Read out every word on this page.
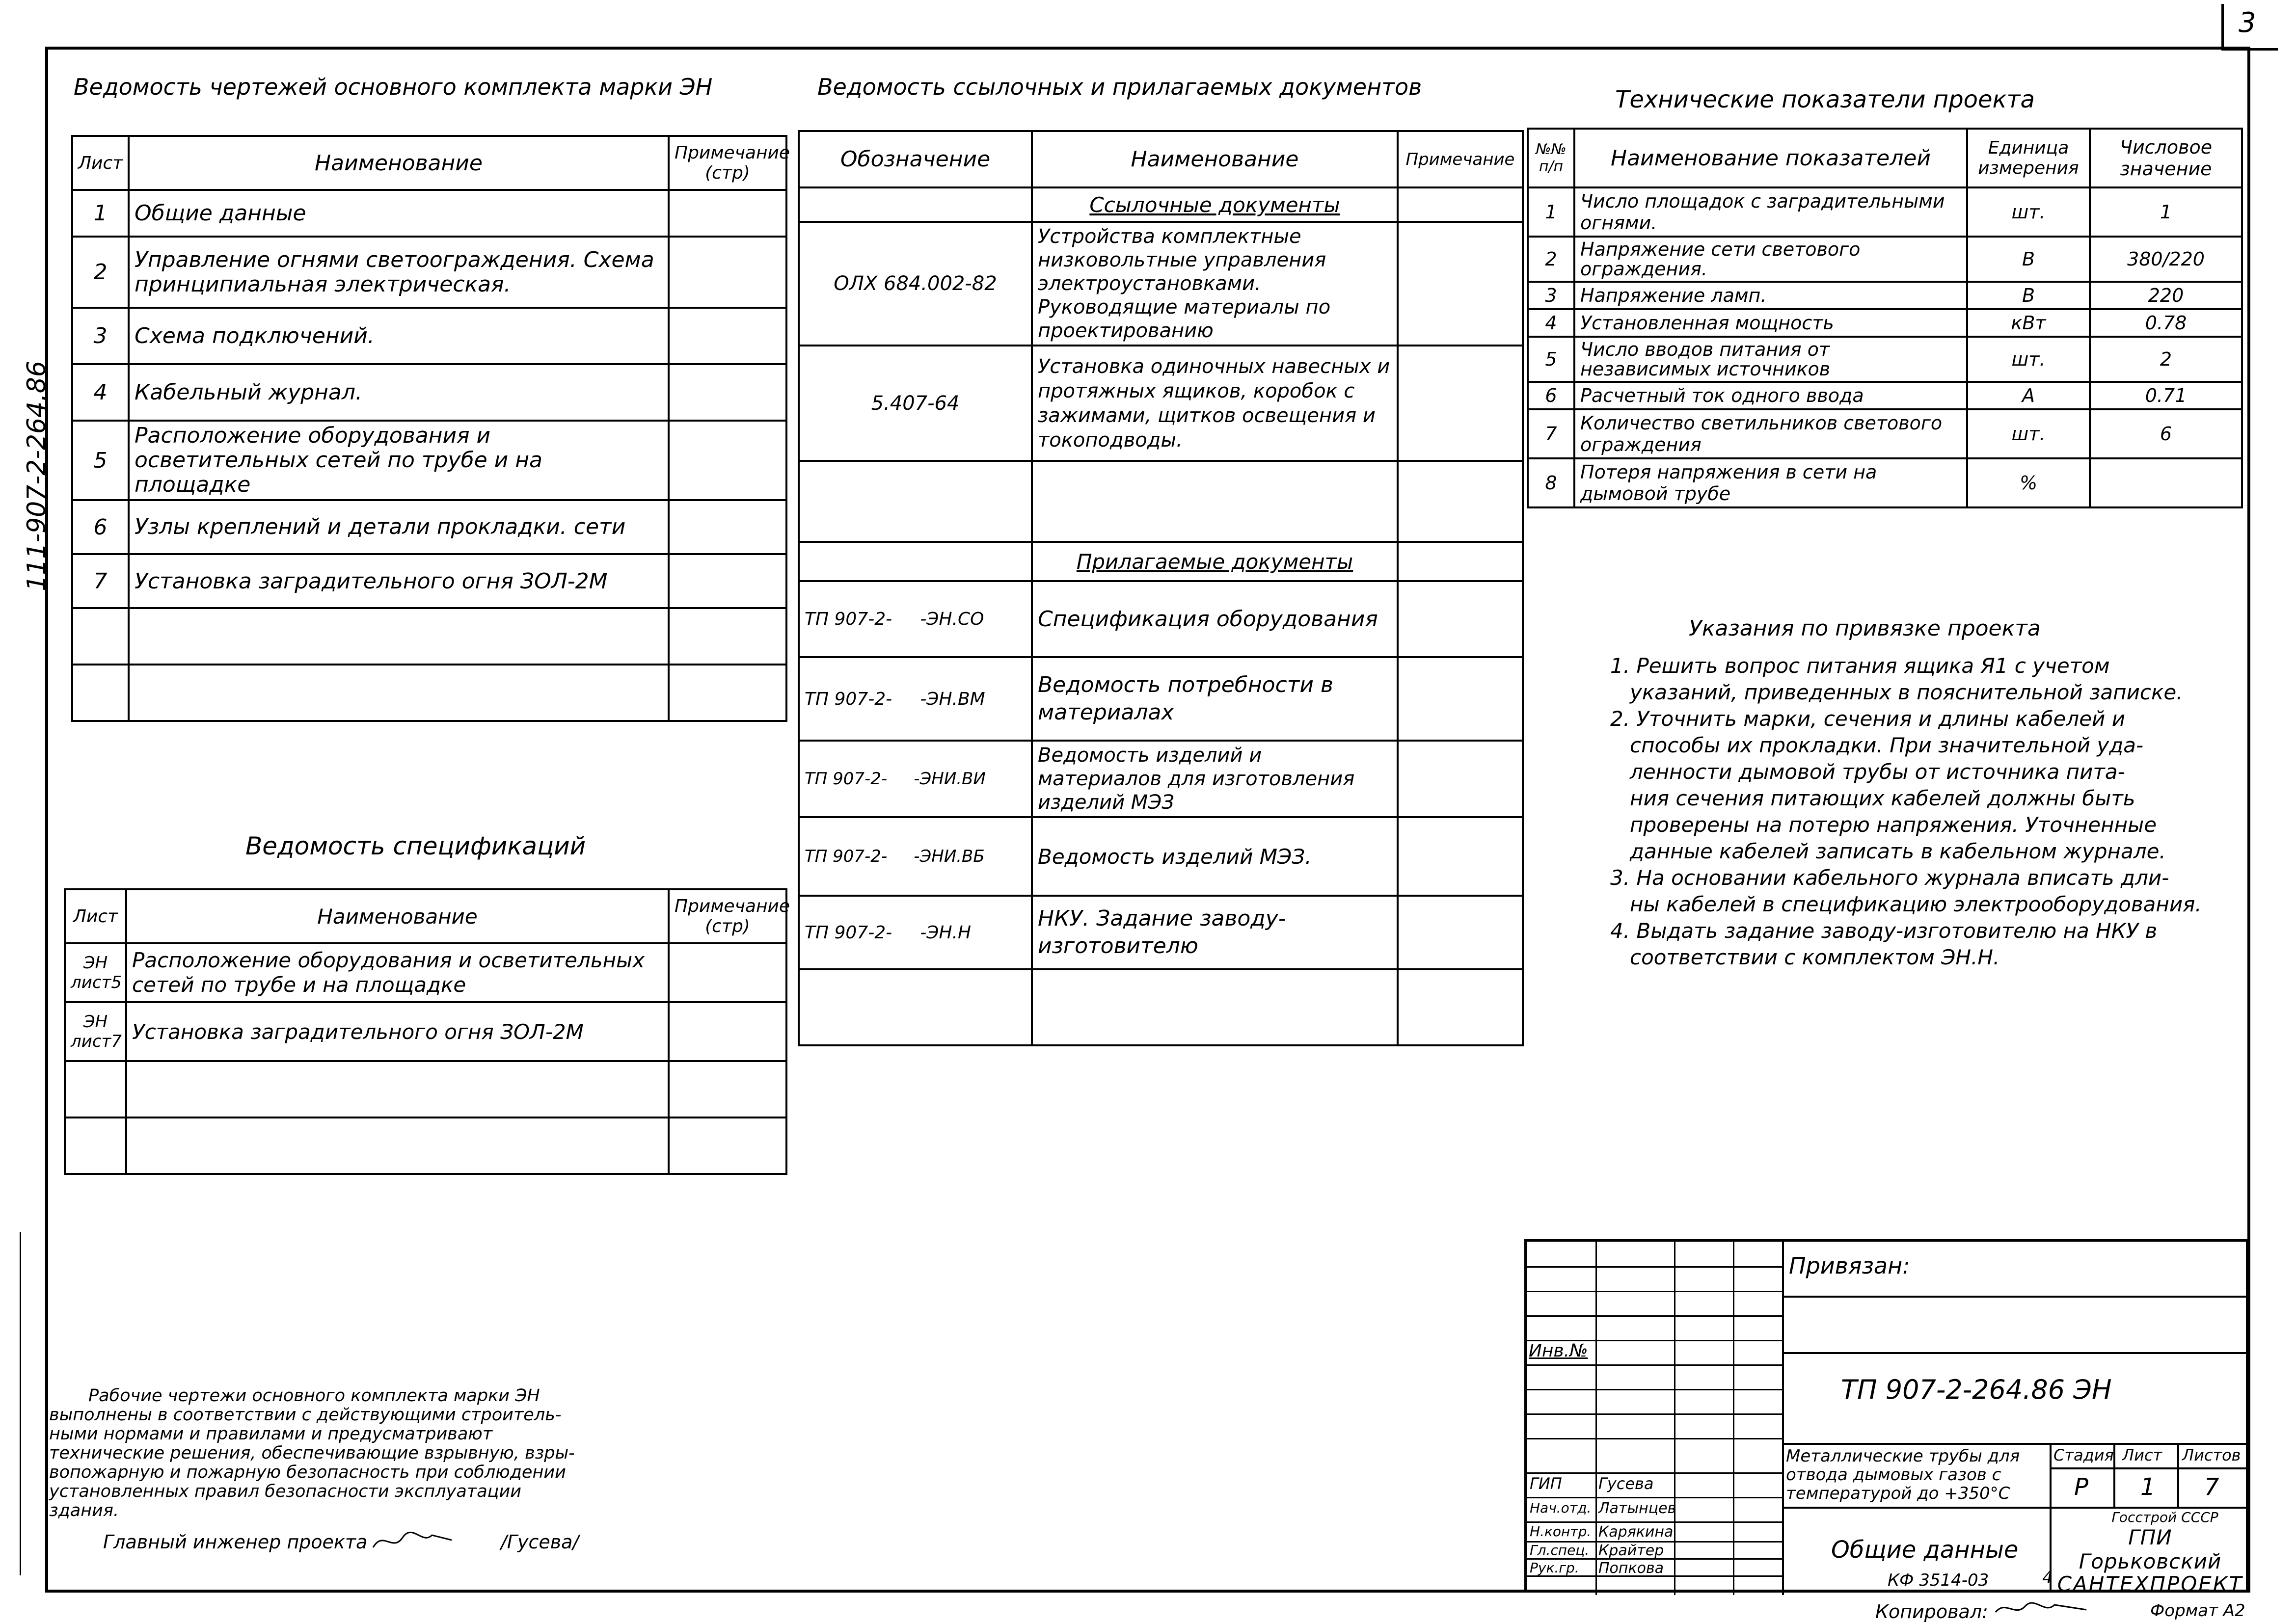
3
111-907-2-264.86
Ведомость чертежей основного комплекта марки ЭН
Лист	Наименование	Примечание (стр)
1	Общие данные	
2	Управление огнями светоограждения. Схема принципиальная электрическая.	
3	Схема подключений.	
4	Кабельный журнал.	
5	Расположение оборудования и осветительных сетей по трубе и на площадке	
6	Узлы креплений и детали прокладки. сети	
7	Установка заградительного огня ЗОЛ-2М	

Ведомость спецификаций
Лист	Наименование	Примечание (стр)
ЭН лист5	Расположение оборудования и осветительных сетей по трубе и на площадке	
ЭН лист7	Установка заградительного огня ЗОЛ-2М	

Ведомость ссылочных и прилагаемых документов
Обозначение	Наименование	Примечание
	Ссылочные документы	
ОЛХ 684.002-82	Устройства комплектные низковольтные управления электроустановками. Руководящие материалы по проектированию	
5.407-64	Установка одиночных навесных и протяжных ящиков, коробок с зажимами, щитков освещения и токоподводы.	

	Прилагаемые документы	
ТП 907-2-     -ЭН.СО	Спецификация оборудования	
ТП 907-2-     -ЭН.ВМ	Ведомость потребности в материалах	
ТП 907-2-     -ЭНИ.ВИ	Ведомость изделий и материалов для изготовления изделий МЭЗ	
ТП 907-2-     -ЭНИ.ВБ	Ведомость изделий МЭЗ.	
ТП 907-2-     -ЭН.Н	НКУ. Задание заводу-изготовителю	

Технические показатели проекта
№№ п/п	Наименование показателей	Единица измерения	Числовое значение
1	Число площадок с заградительными огнями.	шт.	1
2	Напряжение сети светового ограждения.	В	380/220
3	Напряжение ламп.	В	220
4	Установленная мощность	кВт	0.78
5	Число вводов питания от независимых источников	шт.	2
6	Расчетный ток одного ввода	А	0.71
7	Количество светильников светового ограждения	шт.	6
8	Потеря напряжения в сети на дымовой трубе	%	
Указания по привязке проекта
1. Решить вопрос питания ящика Я1 с учетом
указаний, приведенных в пояснительной записке.
2. Уточнить марки, сечения и длины кабелей и
способы их прокладки. При значительной уда-
ленности дымовой трубы от источника пита-
ния сечения питающих кабелей должны быть
проверены на потерю напряжения. Уточненные
данные кабелей записать в кабельном журнале.
3. На основании кабельного журнала вписать дли-
ны кабелей в спецификацию электрооборудования.
4. Выдать задание заводу-изготовителю на НКУ в
соответствии с комплектом ЭН.Н.
Рабочие чертежи основного комплекта марки ЭН
выполнены в соответствии с действующими строитель-
ными нормами и правилами и предусматривают
технические решения, обеспечивающие взрывную, взры-
вопожарную и пожарную безопасность при соблюдении
установленных правил безопасности эксплуатации
здания.
Главный инженер проекта	/Гусева/
Инв.№
ГИП Гусева
Нач.отд. Латынцев
Н.контр. Карякина
Гл.спец. Крайтер
Рук.гр. Попкова
Привязан:
ТП 907-2-264.86 ЭН
Металлические трубы для отвода дымовых газов с температурой до +350°С
Общие данные
Стадия Лист Листов
Р 1 7
Госстрой СССР
ГПИ Горьковский
САНТЕХПРОЕКТ
КФ 3514-03	4
Копировал:	Формат А2
